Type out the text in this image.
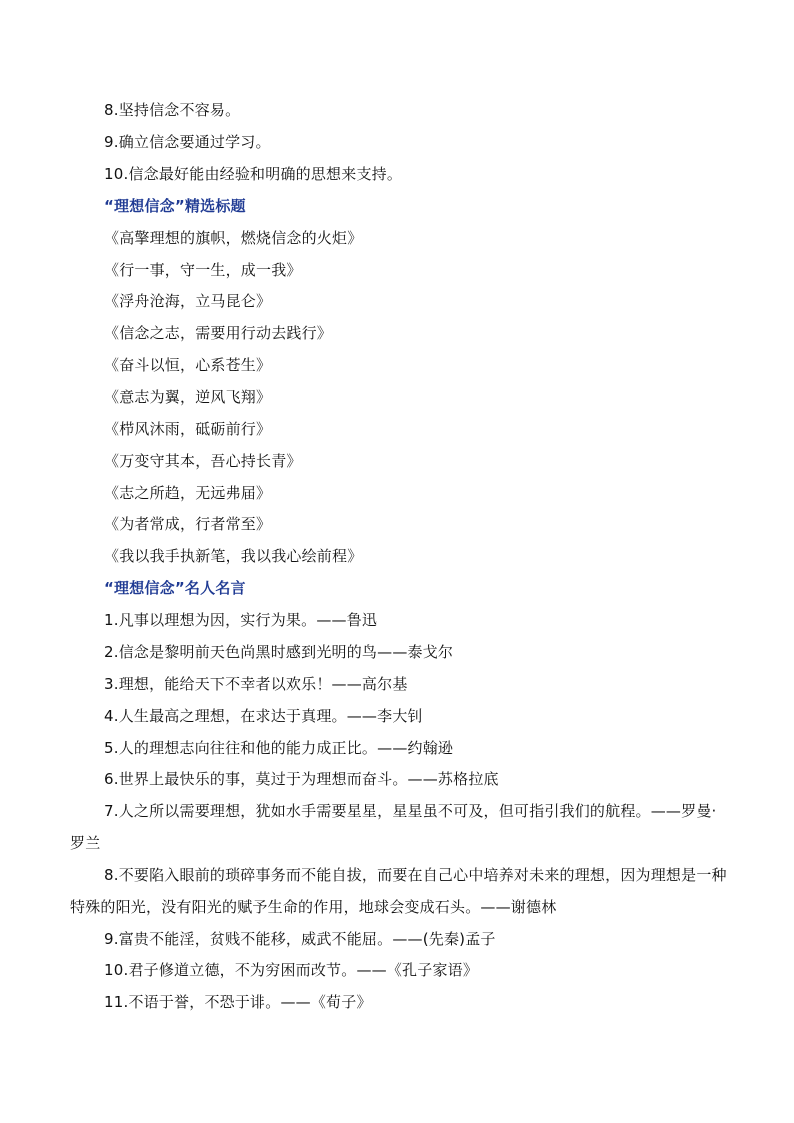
8.坚持信念不容易。
9.确立信念要通过学习。
10.信念最好能由经验和明确的思想来支持。
“理想信念”精选标题
《高擎理想的旗帜，燃烧信念的火炬》
《行一事，守一生，成一我》
《浮舟沧海，立马昆仑》
《信念之志，需要用行动去践行》
《奋斗以恒，心系苍生》
《意志为翼，逆风飞翔》
《栉风沐雨，砥砺前行》
《万变守其本，吾心持长青》
《志之所趋，无远弗届》
《为者常成，行者常至》
《我以我手执新笔，我以我心绘前程》
“理想信念”名人名言
1.凡事以理想为因，实行为果。——鲁迅
2.信念是黎明前天色尚黑时感到光明的鸟——泰戈尔
3.理想，能给天下不幸者以欢乐！——高尔基
4.人生最高之理想，在求达于真理。——李大钊
5.人的理想志向往往和他的能力成正比。——约翰逊
6.世界上最快乐的事，莫过于为理想而奋斗。——苏格拉底

7.人之所以需要理想，犹如水手需要星星，星星虽不可及，但可指引我们的航程。——罗曼·罗兰

8.不要陷入眼前的琐碎事务而不能自拔，而要在自己心中培养对未来的理想，因为理想是一种特殊的阳光，没有阳光的赋予生命的作用，地球会变成石头。——谢德林

9.富贵不能淫，贫贱不能移，威武不能屈。——(先秦)孟子
10.君子修道立德，不为穷困而改节。——《孔子家语》
11.不语于誉，不恐于诽。——《荀子》
